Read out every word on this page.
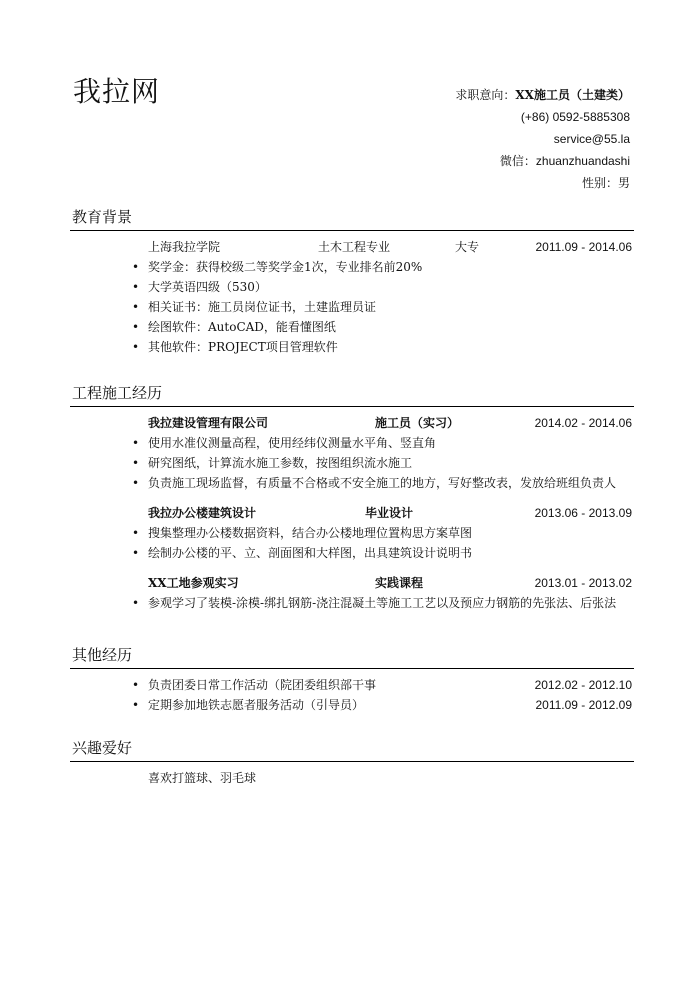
我拉网	求职意向：XX施工员（土建类）
(+86) 0592-5885308
service@55.la
微信：zhuanzhuandashi
性别：男
教育背景
上海我拉学院	土木工程专业	大专	2011.09 - 2014.06
• 奖学金：获得校级二等奖学金1次，专业排名前20%
• 大学英语四级（530）
• 相关证书：施工员岗位证书，土建监理员证
• 绘图软件：AutoCAD，能看懂图纸
• 其他软件：PROJECT项目管理软件
工程施工经历
我拉建设管理有限公司	施工员（实习）	2014.02 - 2014.06
• 使用水准仪测量高程，使用经纬仪测量水平角、竖直角
• 研究图纸，计算流水施工参数，按图组织流水施工
• 负责施工现场监督，有质量不合格或不安全施工的地方，写好整改表，发放给班组负责人
我拉办公楼建筑设计	毕业设计	2013.06 - 2013.09
• 搜集整理办公楼数据资料，结合办公楼地理位置构思方案草图
• 绘制办公楼的平、立、剖面图和大样图，出具建筑设计说明书
XX工地参观实习	实践课程	2013.01 - 2013.02
• 参观学习了装模-涂模-绑扎钢筋-浇注混凝土等施工工艺以及预应力钢筋的先张法、后张法
其他经历
• 负责团委日常工作活动（院团委组织部干事	2012.02 - 2012.10
• 定期参加地铁志愿者服务活动（引导员）	2011.09 - 2012.09
兴趣爱好
喜欢打篮球、羽毛球
